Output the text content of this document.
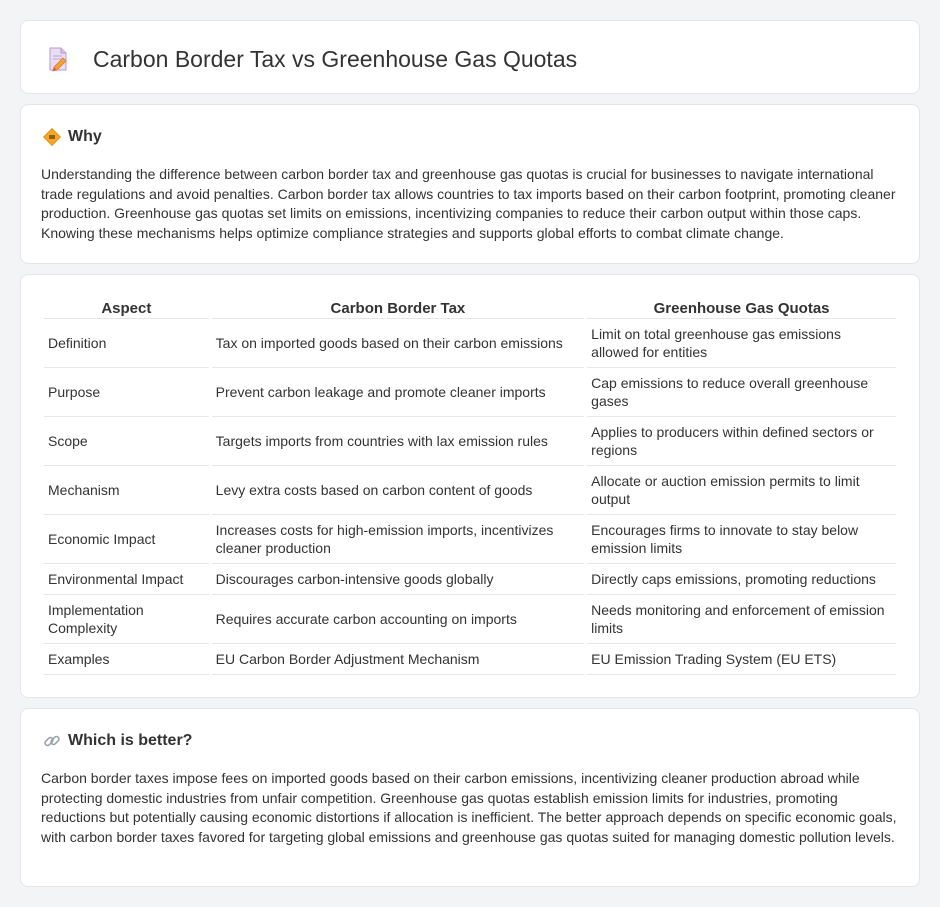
Carbon Border Tax vs Greenhouse Gas Quotas
Why

Understanding the difference between carbon border tax and greenhouse gas quotas is crucial for businesses to navigate international trade regulations and avoid penalties. Carbon border tax allows countries to tax imports based on their carbon footprint, promoting cleaner production. Greenhouse gas quotas set limits on emissions, incentivizing companies to reduce their carbon output within those caps. Knowing these mechanisms helps optimize compliance strategies and supports global efforts to combat climate change.

Aspect	Carbon Border Tax	Greenhouse Gas Quotas
Definition	Tax on imported goods based on their carbon emissions	Limit on total greenhouse gas emissions allowed for entities
Purpose	Prevent carbon leakage and promote cleaner imports	Cap emissions to reduce overall greenhouse gases
Scope	Targets imports from countries with lax emission rules	Applies to producers within defined sectors or regions
Mechanism	Levy extra costs based on carbon content of goods	Allocate or auction emission permits to limit output
Economic Impact	Increases costs for high-emission imports, incentivizes cleaner production	Encourages firms to innovate to stay below emission limits
Environmental Impact	Discourages carbon-intensive goods globally	Directly caps emissions, promoting reductions
Implementation Complexity	Requires accurate carbon accounting on imports	Needs monitoring and enforcement of emission limits
Examples	EU Carbon Border Adjustment Mechanism	EU Emission Trading System (EU ETS)
Which is better?

Carbon border taxes impose fees on imported goods based on their carbon emissions, incentivizing cleaner production abroad while protecting domestic industries from unfair competition. Greenhouse gas quotas establish emission limits for industries, promoting reductions but potentially causing economic distortions if allocation is inefficient. The better approach depends on specific economic goals, with carbon border taxes favored for targeting global emissions and greenhouse gas quotas suited for managing domestic pollution levels.
